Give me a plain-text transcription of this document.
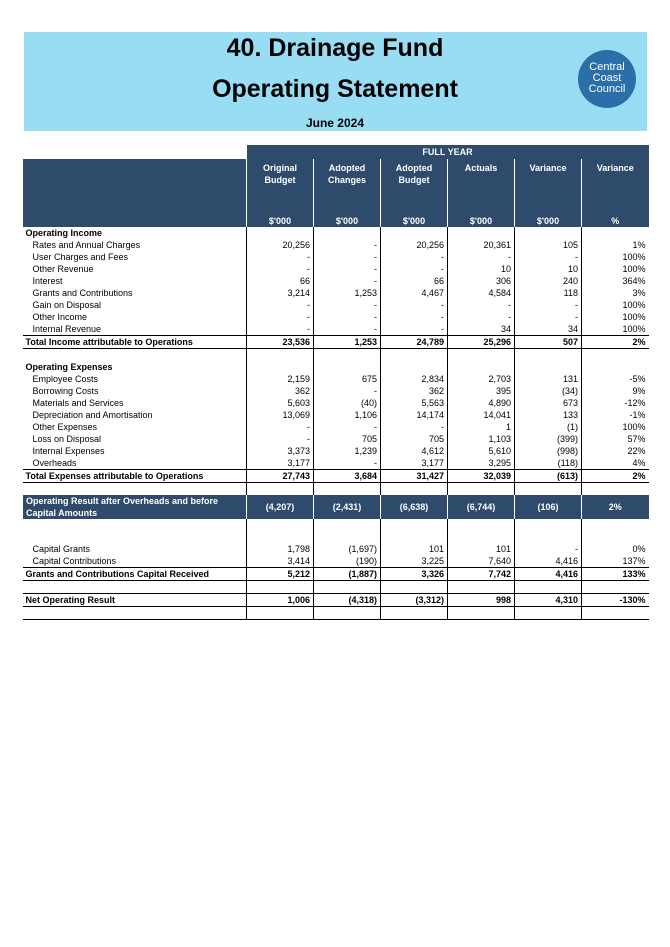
40. Drainage Fund
Operating Statement
June 2024
Central
Coast
Council
	FULL YEAR					
	Original Budget	Adopted Changes	Adopted Budget	Actuals	Variance	Variance
	$'000	$'000	$'000	$'000	$'000	%
Operating Income						
Rates and Annual Charges	20,256	-	20,256	20,361	105	1%
User Charges and Fees	-	-	-	-	-	100%
Other Revenue	-	-	-	10	10	100%
Interest	66	-	66	306	240	364%
Grants and Contributions	3,214	1,253	4,467	4,584	118	3%
Gain on Disposal	-	-	-	-	-	100%
Other Income	-	-	-	-	-	100%
Internal Revenue	-	-	-	34	34	100%
Total Income attributable to Operations	23,536	1,253	24,789	25,296	507	2%

Operating Expenses						
Employee Costs	2,159	675	2,834	2,703	131	-5%
Borrowing Costs	362	-	362	395	(34)	9%
Materials and Services	5,603	(40)	5,563	4,890	673	-12%
Depreciation and Amortisation	13,069	1,106	14,174	14,041	133	-1%
Other Expenses	-	-	-	1	(1)	100%
Loss on Disposal	-	705	705	1,103	(399)	57%
Internal Expenses	3,373	1,239	4,612	5,610	(998)	22%
Overheads	3,177	-	3,177	3,295	(118)	4%
Total Expenses attributable to Operations	27,743	3,684	31,427	32,039	(613)	2%

Operating Result after Overheads and before Capital Amounts	(4,207)	(2,431)	(6,638)	(6,744)	(106)	2%

Capital Grants	1,798	(1,697)	101	101	-	0%
Capital Contributions	3,414	(190)	3,225	7,640	4,416	137%
Grants and Contributions Capital Received	5,212	(1,887)	3,326	7,742	4,416	133%

Net Operating Result	1,006	(4,318)	(3,312)	998	4,310	-130%
